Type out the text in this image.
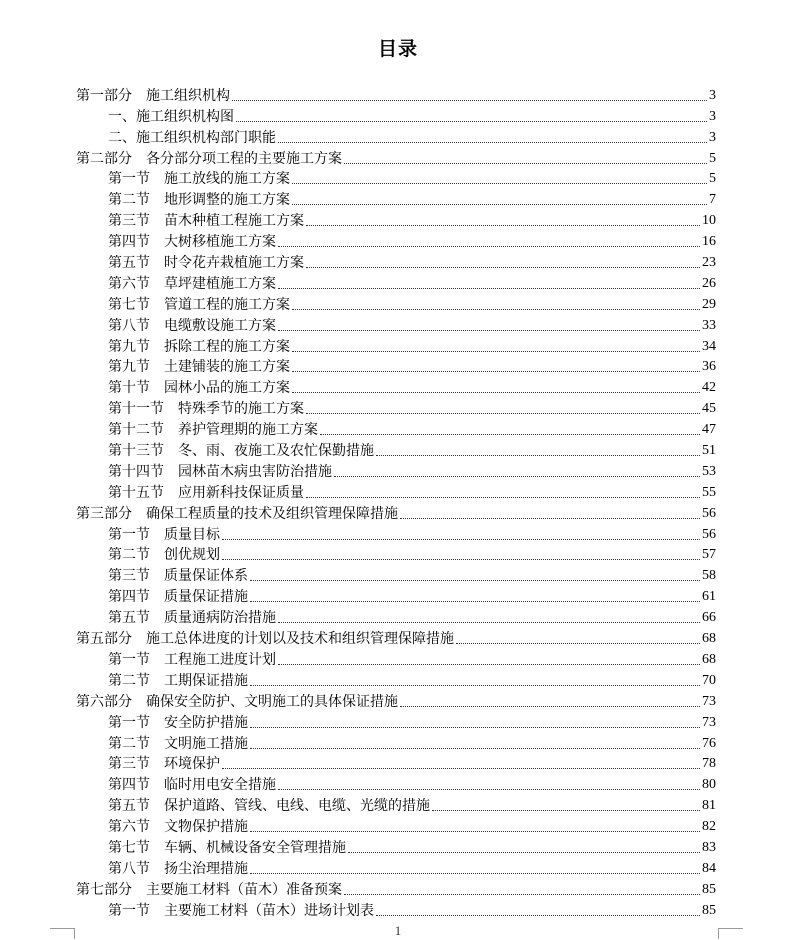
目录
第一部分 施工组织机构	3
一、施工组织机构图	3
二、施工组织机构部门职能	3
第二部分 各分部分项工程的主要施工方案	5
第一节 施工放线的施工方案	5
第二节 地形调整的施工方案	7
第三节 苗木种植工程施工方案	10
第四节 大树移植施工方案	16
第五节 时令花卉栽植施工方案	23
第六节 草坪建植施工方案	26
第七节 管道工程的施工方案	29
第八节 电缆敷设施工方案	33
第九节 拆除工程的施工方案	34
第九节 土建铺装的施工方案	36
第十节 园林小品的施工方案	42
第十一节 特殊季节的施工方案	45
第十二节 养护管理期的施工方案	47
第十三节 冬、雨、夜施工及农忙保勤措施	51
第十四节 园林苗木病虫害防治措施	53
第十五节 应用新科技保证质量	55
第三部分 确保工程质量的技术及组织管理保障措施	56
第一节 质量目标	56
第二节 创优规划	57
第三节 质量保证体系	58
第四节 质量保证措施	61
第五节 质量通病防治措施	66
第五部分 施工总体进度的计划以及技术和组织管理保障措施	68
第一节 工程施工进度计划	68
第二节 工期保证措施	70
第六部分 确保安全防护、文明施工的具体保证措施	73
第一节 安全防护措施	73
第二节 文明施工措施	76
第三节 环境保护	78
第四节 临时用电安全措施	80
第五节 保护道路、管线、电线、电缆、光缆的措施	81
第六节 文物保护措施	82
第七节 车辆、机械设备安全管理措施	83
第八节 扬尘治理措施	84
第七部分 主要施工材料（苗木）准备预案	85
第一节 主要施工材料（苗木）进场计划表	85
1
